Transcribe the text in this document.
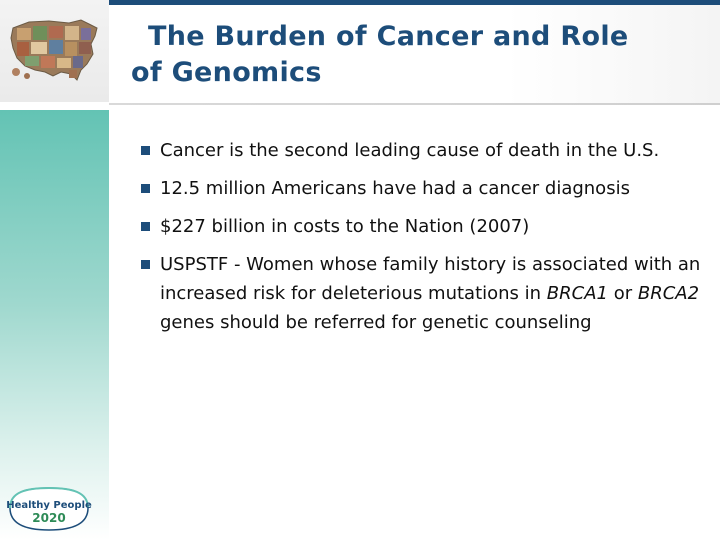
The Burden of Cancer and Role
of Genomics
Cancer is the second leading cause of death in the U.S.
12.5 million Americans have had a cancer diagnosis
$227 billion in costs to the Nation (2007)
USPSTF - Women whose family history is associated with an increased risk for deleterious mutations in BRCA1 or BRCA2 genes should be referred for genetic counseling
Healthy People
2020
